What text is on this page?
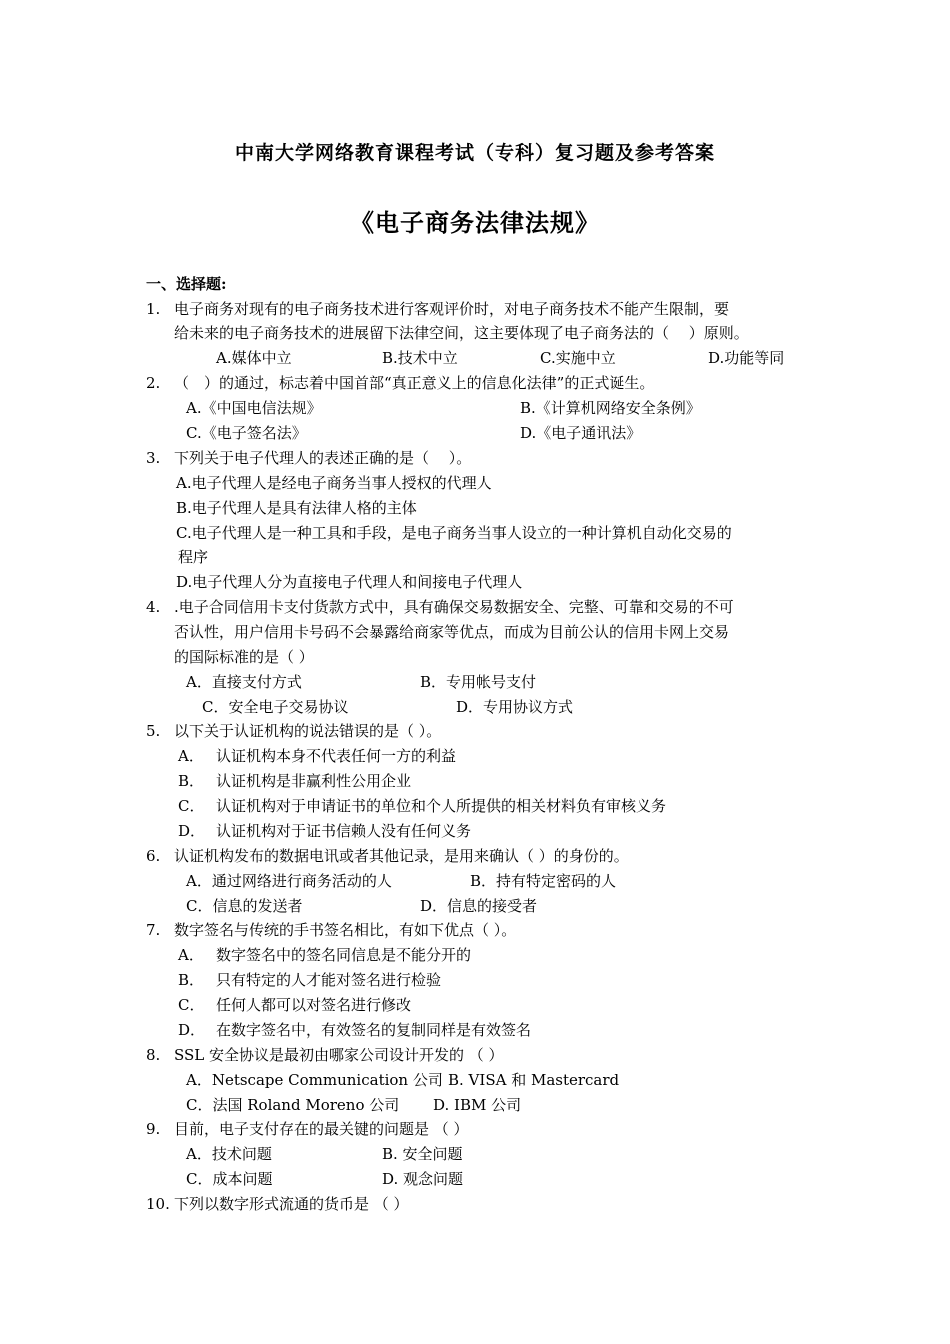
中南大学网络教育课程考试（专科）复习题及参考答案
《电子商务法律法规》
一、选择题:
1. 电子商务对现有的电子商务技术进行客观评价时，对电子商务技术不能产生限制，要
给未来的电子商务技术的进展留下法律空间，这主要体现了电子商务法的（　 ）原则。
A.媒体中立	B.技术中立	C.实施中立	D.功能等同
2. （　）的通过，标志着中国首部“真正意义上的信息化法律”的正式诞生。
A.《中国电信法规》	B.《计算机网络安全条例》
C.《电子签名法》	D.《电子通讯法》
3. 下列关于电子代理人的表述正确的是（　 ）。
A.电子代理人是经电子商务当事人授权的代理人
B.电子代理人是具有法律人格的主体
C.电子代理人是一种工具和手段，是电子商务当事人设立的一种计算机自动化交易的
程序
D.电子代理人分为直接电子代理人和间接电子代理人
4. .电子合同信用卡支付货款方式中，具有确保交易数据安全、完整、可靠和交易的不可
否认性，用户信用卡号码不会暴露给商家等优点，而成为目前公认的信用卡网上交易
的国际标准的是（ ）
A．直接支付方式	B．专用帐号支付
C．安全电子交易协议	D．专用协议方式
5. 以下关于认证机构的说法错误的是（ ）。
A． 认证机构本身不代表任何一方的利益
B． 认证机构是非赢利性公用企业
C． 认证机构对于申请证书的单位和个人所提供的相关材料负有审核义务
D． 认证机构对于证书信赖人没有任何义务
6. 认证机构发布的数据电讯或者其他记录，是用来确认（ ）的身份的。
A．通过网络进行商务活动的人	B．持有特定密码的人
C．信息的发送者	D．信息的接受者
7. 数字签名与传统的手书签名相比，有如下优点（ ）。
A． 数字签名中的签名同信息是不能分开的
B． 只有特定的人才能对签名进行检验
C． 任何人都可以对签名进行修改
D． 在数字签名中，有效签名的复制同样是有效签名
8. SSL 安全协议是最初由哪家公司设计开发的 （ ）
A．Netscape Communication 公司 B. VISA 和 Mastercard
C．法国 Roland Moreno 公司 D. IBM 公司
9. 目前，电子支付存在的最关键的问题是 （ ）
A．技术问题	B. 安全问题
C．成本问题	D. 观念问题
10. 下列以数字形式流通的货币是 （ ）
